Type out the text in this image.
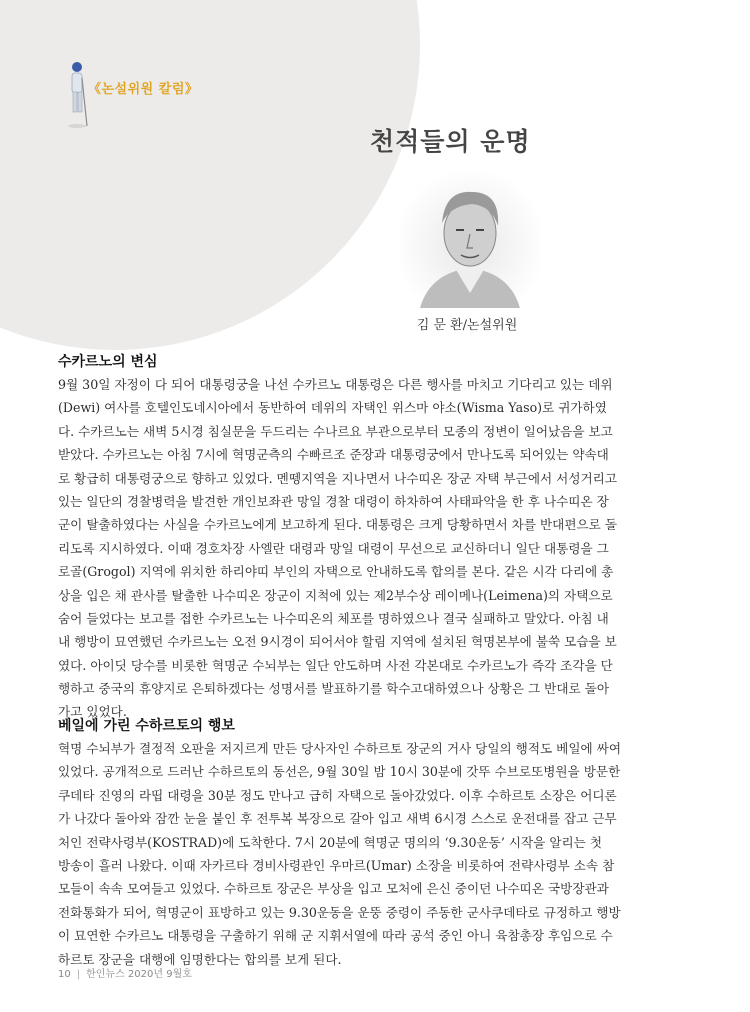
《논설위원 칼럼》
천적들의 운명
김 문 환/논설위원
수카르노의 변심
9월 30일 자정이 다 되어 대통령궁을 나선 수카르노 대통령은 다른 행사를 마치고 기다리고 있는 데위
(Dewi) 여사를 호텔인도네시아에서 동반하여 데위의 자택인 위스마 야소(Wisma Yaso)로 귀가하였
다. 수카르노는 새벽 5시경 침실문을 두드리는 수나르요 부관으로부터 모종의 정변이 일어났음을 보고
받았다. 수카르노는 아침 7시에 혁명군측의 수빠르조 준장과 대통령궁에서 만나도록 되어있는 약속대
로 황급히 대통령궁으로 향하고 있었다. 멘뗑지역을 지나면서 나수띠온 장군 자택 부근에서 서성거리고
있는 일단의 경찰병력을 발견한 개인보좌관 망일 경찰 대령이 하차하여 사태파악을 한 후 나수띠온 장
군이 탈출하였다는 사실을 수카르노에게 보고하게 된다. 대통령은 크게 당황하면서 차를 반대편으로 돌
리도록 지시하였다. 이때 경호차장 사엘란 대령과 망일 대령이 무선으로 교신하더니 일단 대통령을 그
로골(Grogol) 지역에 위치한 하리야띠 부인의 자택으로 안내하도록 합의를 본다. 같은 시각 다리에 총
상을 입은 채 관사를 탈출한 나수띠온 장군이 지척에 있는 제2부수상 레이메나(Leimena)의 자택으로
숨어 들었다는 보고를 접한 수카르노는 나수띠온의 체포를 명하였으나 결국 실패하고 말았다. 아침 내
내 행방이 묘연했던 수카르노는 오전 9시경이 되어서야 할림 지역에 설치된 혁명본부에 불쑥 모습을 보
였다. 아이딧 당수를 비롯한 혁명군 수뇌부는 일단 안도하며 사전 각본대로 수카르노가 즉각 조각을 단
행하고 중국의 휴양지로 은퇴하겠다는 성명서를 발표하기를 학수고대하였으나 상황은 그 반대로 돌아
가고 있었다.
베일에 가린 수하르토의 행보
혁명 수뇌부가 결정적 오판을 저지르게 만든 당사자인 수하르토 장군의 거사 당일의 행적도 베일에 싸여
있었다. 공개적으로 드러난 수하르토의 동선은, 9월 30일 밤 10시 30분에 갓뚜 수브로또병원을 방문한
쿠데타 진영의 라띱 대령을 30분 정도 만나고 급히 자택으로 돌아갔었다. 이후 수하르토 소장은 어디론
가 나갔다 돌아와 잠깐 눈을 붙인 후 전투복 복장으로 갈아 입고 새벽 6시경 스스로 운전대를 잡고 근무
처인 전략사령부(KOSTRAD)에 도착한다. 7시 20분에 혁명군 명의의 ‘9.30운동’ 시작을 알리는 첫
방송이 흘러 나왔다. 이때 자카르타 경비사령관인 우마르(Umar) 소장을 비롯하여 전략사령부 소속 참
모들이 속속 모여들고 있었다. 수하르토 장군은 부상을 입고 모처에 은신 중이던 나수띠온 국방장관과
전화통화가 되어, 혁명군이 표방하고 있는 9.30운동을 운뚱 중령이 주동한 군사쿠데타로 규정하고 행방
이 묘연한 수카르노 대통령을 구출하기 위해 군 지휘서열에 따라 공석 중인 아니 육참총장 후임으로 수
하르토 장군을 대행에 임명한다는 합의를 보게 된다.
10 | 한인뉴스 2020년 9월호
